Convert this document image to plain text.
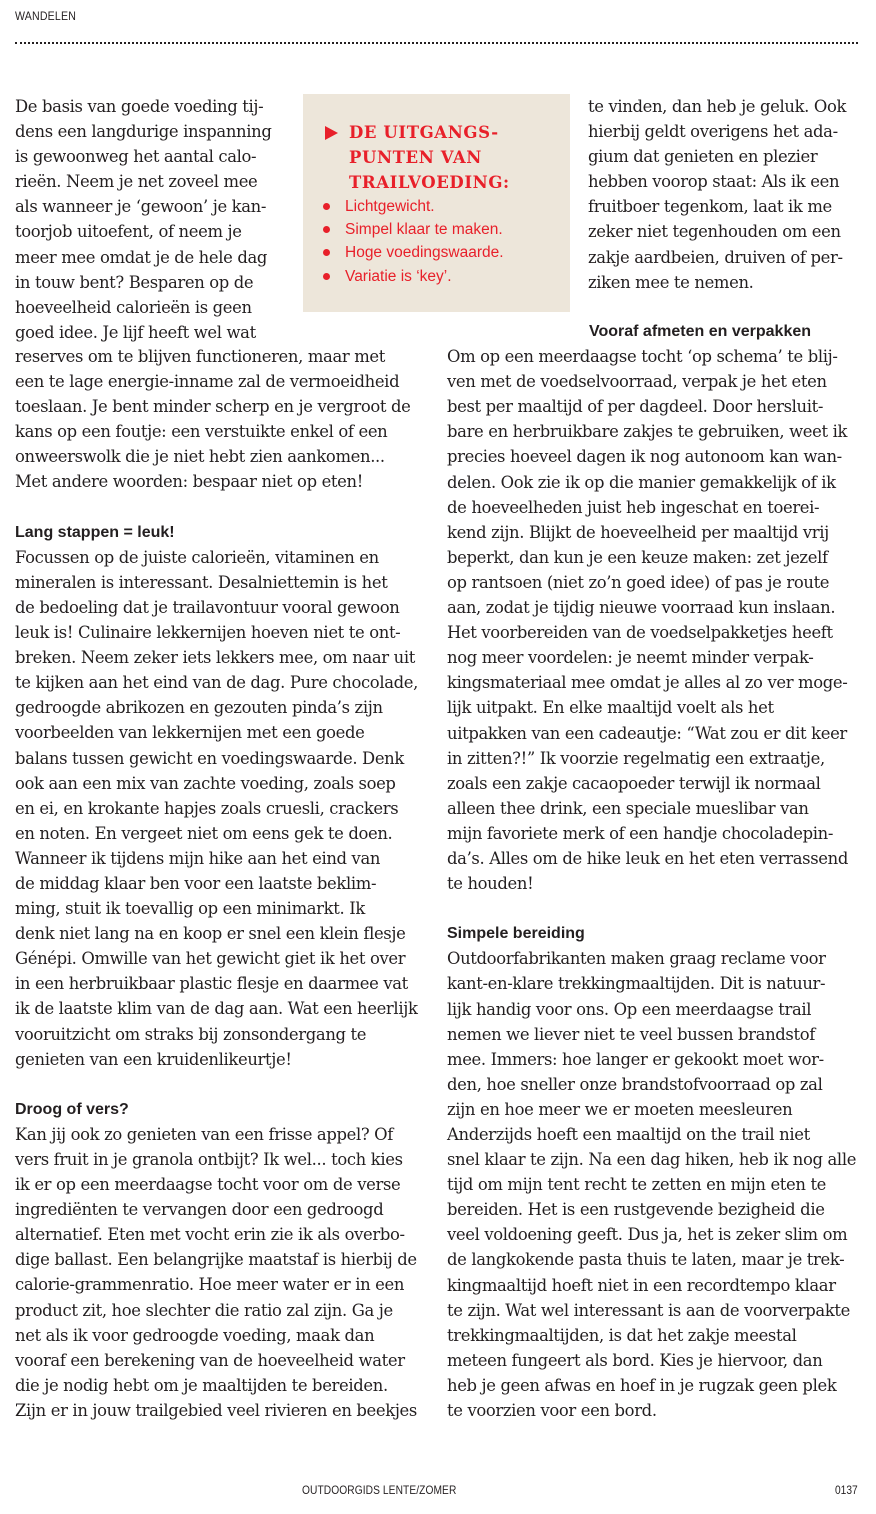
WANDELEN
De basis van goede voeding tij-
dens een langdurige inspanning
is gewoonweg het aantal calo-
rieën. Neem je net zoveel mee
als wanneer je ‘gewoon’ je kan-
toorjob uitoefent, of neem je
meer mee omdat je de hele dag
in touw bent? Besparen op de
hoeveelheid calorieën is geen
goed idee. Je lijf heeft wel wat
DE UITGANGS-
PUNTEN VAN
TRAILVOEDING:
Lichtgewicht.
Simpel klaar te maken.
Hoge voedingswaarde.
Variatie is ‘key’.
reserves om te blijven functioneren, maar met
een te lage energie-inname zal de vermoeidheid
toeslaan. Je bent minder scherp en je vergroot de
kans op een foutje: een verstuikte enkel of een
onweerswolk die je niet hebt zien aankomen...
Met andere woorden: bespaar niet op eten!
Lang stappen = leuk!
Focussen op de juiste calorieën, vitaminen en
mineralen is interessant. Desalniettemin is het
de bedoeling dat je trailavontuur vooral gewoon
leuk is! Culinaire lekkernijen hoeven niet te ont-
breken. Neem zeker iets lekkers mee, om naar uit
te kijken aan het eind van de dag. Pure chocolade,
gedroogde abrikozen en gezouten pinda’s zijn
voorbeelden van lekkernijen met een goede
balans tussen gewicht en voedingswaarde. Denk
ook aan een mix van zachte voeding, zoals soep
en ei, en krokante hapjes zoals cruesli, crackers
en noten. En vergeet niet om eens gek te doen.
Wanneer ik tijdens mijn hike aan het eind van
de middag klaar ben voor een laatste beklim-
ming, stuit ik toevallig op een minimarkt. Ik
denk niet lang na en koop er snel een klein flesje
Génépi. Omwille van het gewicht giet ik het over
in een herbruikbaar plastic flesje en daarmee vat
ik de laatste klim van de dag aan. Wat een heerlijk
vooruitzicht om straks bij zonsondergang te
genieten van een kruidenlikeurtje!
Droog of vers?
Kan jij ook zo genieten van een frisse appel? Of
vers fruit in je granola ontbijt? Ik wel... toch kies
ik er op een meerdaagse tocht voor om de verse
ingrediënten te vervangen door een gedroogd
alternatief. Eten met vocht erin zie ik als overbo-
dige ballast. Een belangrijke maatstaf is hierbij de
calorie-grammenratio. Hoe meer water er in een
product zit, hoe slechter die ratio zal zijn. Ga je
net als ik voor gedroogde voeding, maak dan
vooraf een berekening van de hoeveelheid water
die je nodig hebt om je maaltijden te bereiden.
Zijn er in jouw trailgebied veel rivieren en beekjes
te vinden, dan heb je geluk. Ook
hierbij geldt overigens het ada-
gium dat genieten en plezier
hebben voorop staat: Als ik een
fruitboer tegenkom, laat ik me
zeker niet tegenhouden om een
zakje aardbeien, druiven of per-
ziken mee te nemen.
Vooraf afmeten en verpakken
Om op een meerdaagse tocht ‘op schema’ te blij-
ven met de voedselvoorraad, verpak je het eten
best per maaltijd of per dagdeel. Door hersluit-
bare en herbruikbare zakjes te gebruiken, weet ik
precies hoeveel dagen ik nog autonoom kan wan-
delen. Ook zie ik op die manier gemakkelijk of ik
de hoeveelheden juist heb ingeschat en toerei-
kend zijn. Blijkt de hoeveelheid per maaltijd vrij
beperkt, dan kun je een keuze maken: zet jezelf
op rantsoen (niet zo’n goed idee) of pas je route
aan, zodat je tijdig nieuwe voorraad kun inslaan.
Het voorbereiden van de voedselpakketjes heeft
nog meer voordelen: je neemt minder verpak-
kingsmateriaal mee omdat je alles al zo ver moge-
lijk uitpakt. En elke maaltijd voelt als het
uitpakken van een cadeautje: “Wat zou er dit keer
in zitten?!” Ik voorzie regelmatig een extraatje,
zoals een zakje cacaopoeder terwijl ik normaal
alleen thee drink, een speciale mueslibar van
mijn favoriete merk of een handje chocoladepin-
da’s. Alles om de hike leuk en het eten verrassend
te houden!
Simpele bereiding
Outdoorfabrikanten maken graag reclame voor
kant-en-klare trekkingmaaltijden. Dit is natuur-
lijk handig voor ons. Op een meerdaagse trail
nemen we liever niet te veel bussen brandstof
mee. Immers: hoe langer er gekookt moet wor-
den, hoe sneller onze brandstofvoorraad op zal
zijn en hoe meer we er moeten meesleuren
Anderzijds hoeft een maaltijd on the trail niet
snel klaar te zijn. Na een dag hiken, heb ik nog alle
tijd om mijn tent recht te zetten en mijn eten te
bereiden. Het is een rustgevende bezigheid die
veel voldoening geeft. Dus ja, het is zeker slim om
de langkokende pasta thuis te laten, maar je trek-
kingmaaltijd hoeft niet in een recordtempo klaar
te zijn. Wat wel interessant is aan de voorverpakte
trekkingmaaltijden, is dat het zakje meestal
meteen fungeert als bord. Kies je hiervoor, dan
heb je geen afwas en hoef in je rugzak geen plek
te voorzien voor een bord.
OUTDOORGIDS LENTE/ZOMER	0137
